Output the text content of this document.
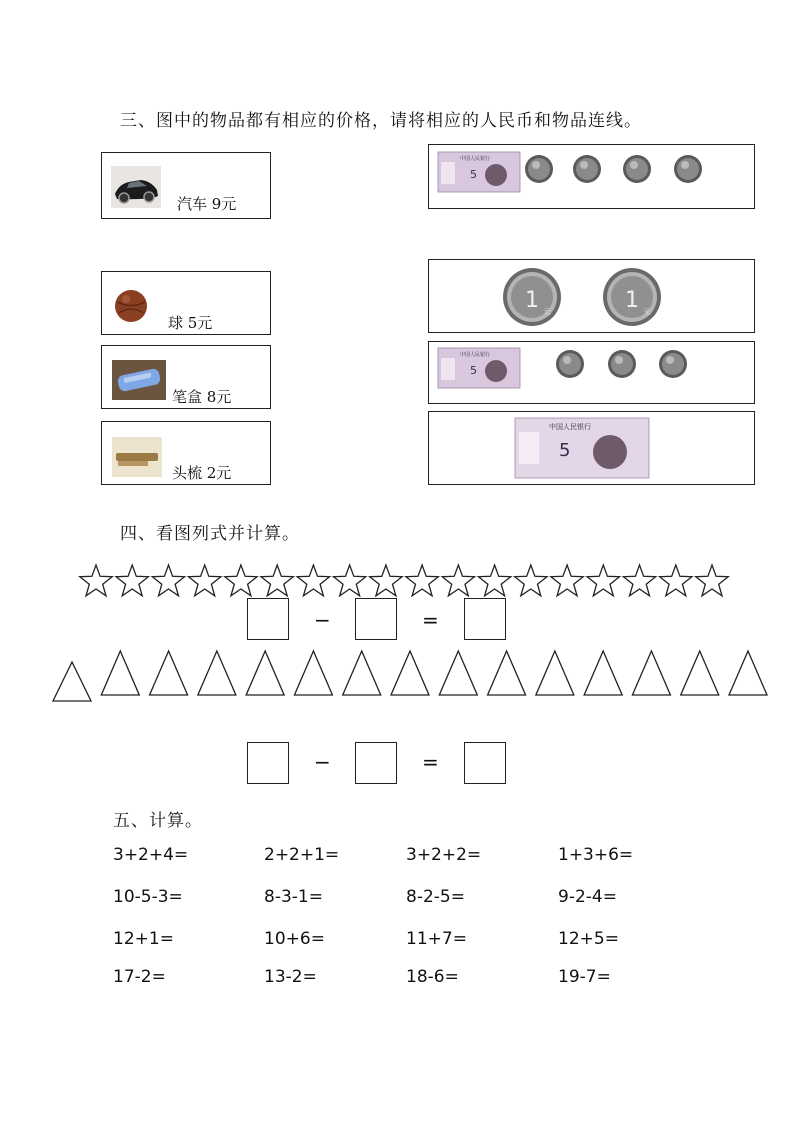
三、图中的物品都有相应的价格，请将相应的人民币和物品连线。
汽车 9元
球 5元
笔盒 8元
头梳 2元
5
中国人民银行
1 元	1 元
5
中国人民银行
5
中国人民银行
四、看图列式并计算。
−	=
−	=
五、计算。
3+2+4=	2+2+1=	3+2+2=	1+3+6=
10-5-3=	8-3-1=	8-2-5=	9-2-4=
12+1=	10+6=	11+7=	12+5=
17-2=	13-2=	18-6=	19-7=
